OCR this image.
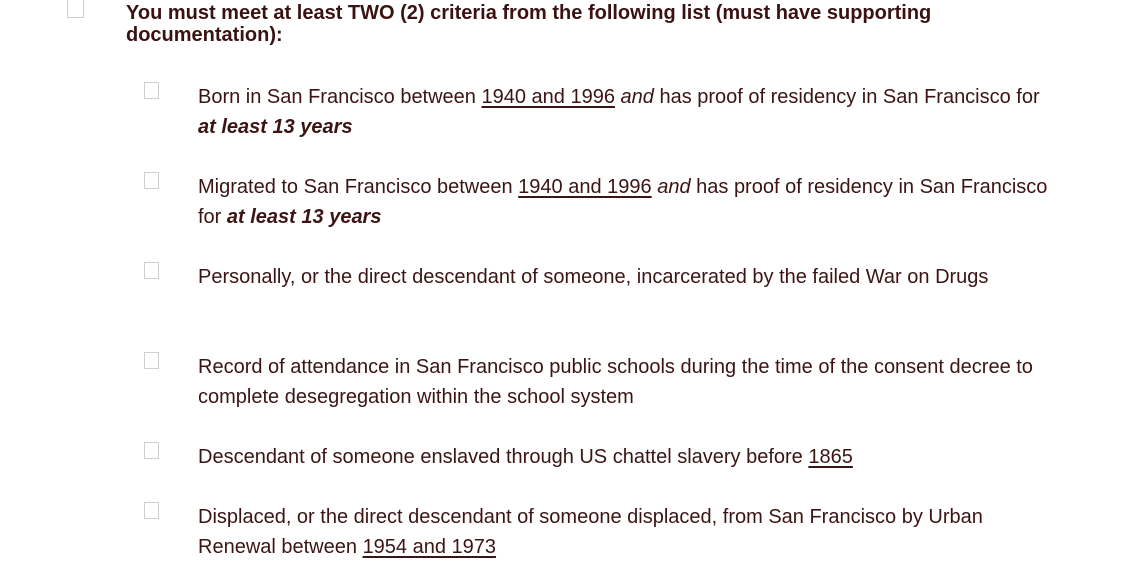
You must meet at least TWO (2) criteria from the following list (must have supporting documentation):
Born in San Francisco between 1940 and 1996 and has proof of residency in San Francisco for at least 13 years
Migrated to San Francisco between 1940 and 1996 and has proof of residency in San Francisco for at least 13 years
Personally, or the direct descendant of someone, incarcerated by the failed War on Drugs
Record of attendance in San Francisco public schools during the time of the consent decree to complete desegregation within the school system
Descendant of someone enslaved through US chattel slavery before 1865
Displaced, or the direct descendant of someone displaced, from San Francisco by Urban Renewal between 1954 and 1973
